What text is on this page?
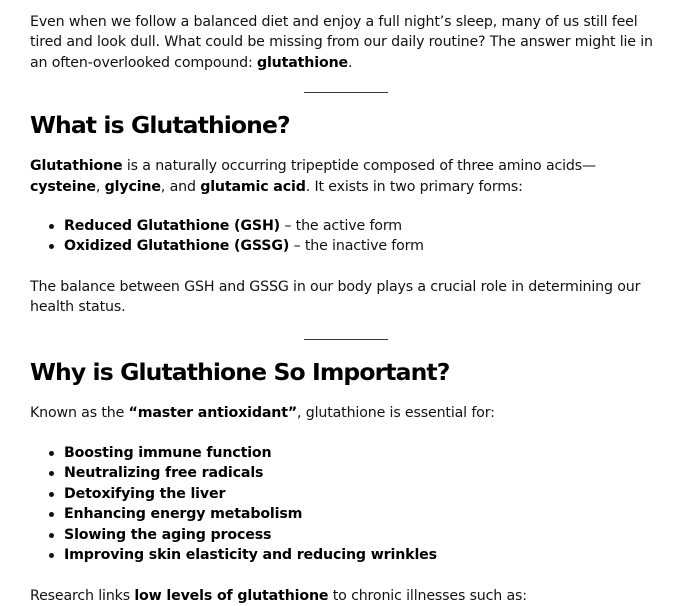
Even when we follow a balanced diet and enjoy a full night’s sleep, many of us still feel tired and look dull. What could be missing from our daily routine? The answer might lie in an often-overlooked compound: glutathione.

What is Glutathione?

Glutathione is a naturally occurring tripeptide composed of three amino acids—cysteine, glycine, and glutamic acid. It exists in two primary forms:

Reduced Glutathione (GSH) – the active form
Oxidized Glutathione (GSSG) – the inactive form

The balance between GSH and GSSG in our body plays a crucial role in determining our health status.

Why is Glutathione So Important?

Known as the “master antioxidant”, glutathione is essential for:

Boosting immune function
Neutralizing free radicals
Detoxifying the liver
Enhancing energy metabolism
Slowing the aging process
Improving skin elasticity and reducing wrinkles

Research links low levels of glutathione to chronic illnesses such as:
